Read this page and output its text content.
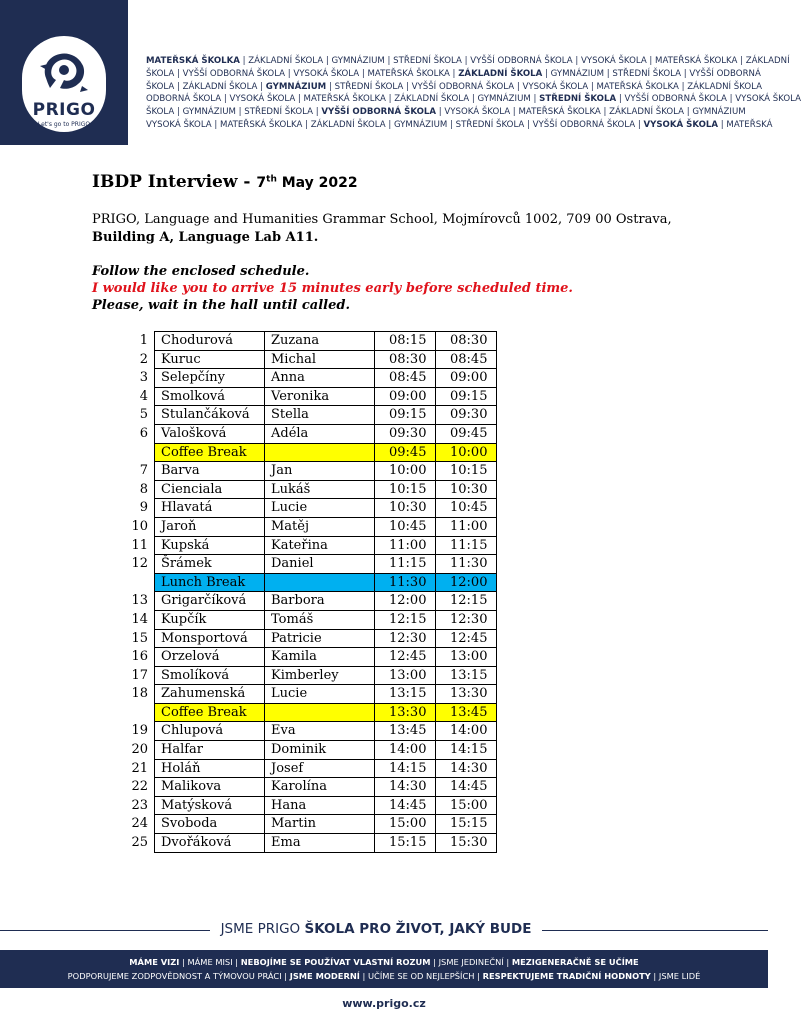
PRIGO
Let's go to PRIGO
MATEŘSKÁ ŠKOLKA | ZÁKLADNÍ ŠKOLA | GYMNÁZIUM | STŘEDNÍ ŠKOLA | VYŠŠÍ ODBORNÁ ŠKOLA | VYSOKÁ ŠKOLA | MATEŘSKÁ ŠKOLKA | ZÁKLADNÍ
ŠKOLA | VYŠŠÍ ODBORNÁ ŠKOLA | VYSOKÁ ŠKOLA | MATEŘSKÁ ŠKOLKA | ZÁKLADNÍ ŠKOLA | GYMNÁZIUM | STŘEDNÍ ŠKOLA | VYŠŠÍ ODBORNÁ
ŠKOLA | ZÁKLADNÍ ŠKOLA | GYMNÁZIUM | STŘEDNÍ ŠKOLA | VYŠŠÍ ODBORNÁ ŠKOLA | VYSOKÁ ŠKOLA | MATEŘSKÁ ŠKOLKA | ZÁKLADNÍ ŠKOLA
ODBORNÁ ŠKOLA | VYSOKÁ ŠKOLA | MATEŘSKÁ ŠKOLKA | ZÁKLADNÍ ŠKOLA | GYMNÁZIUM | STŘEDNÍ ŠKOLA | VYŠŠÍ ODBORNÁ ŠKOLA | VYSOKÁ ŠKOLA
ŠKOLA | GYMNÁZIUM | STŘEDNÍ ŠKOLA | VYŠŠÍ ODBORNÁ ŠKOLA | VYSOKÁ ŠKOLA | MATEŘSKÁ ŠKOLKA | ZÁKLADNÍ ŠKOLA | GYMNÁZIUM
VYSOKÁ ŠKOLA | MATEŘSKÁ ŠKOLKA | ZÁKLADNÍ ŠKOLA | GYMNÁZIUM | STŘEDNÍ ŠKOLA | VYŠŠÍ ODBORNÁ ŠKOLA | VYSOKÁ ŠKOLA | MATEŘSKÁ
IBDP Interview - 7th May 2022
PRIGO, Language and Humanities Grammar School, Mojmírovců 1002, 709 00 Ostrava,
Building A, Language Lab A11.
Follow the enclosed schedule.
I would like you to arrive 15 minutes early before scheduled time.
Please, wait in the hall until called.
1	Chodurová	Zuzana	08:15	08:30
2	Kuruc	Michal	08:30	08:45
3	Selepčíny	Anna	08:45	09:00
4	Smolková	Veronika	09:00	09:15
5	Stulančáková	Stella	09:15	09:30
6	Valošková	Adéla	09:30	09:45
	Coffee Break		09:45	10:00
7	Barva	Jan	10:00	10:15
8	Cienciala	Lukáš	10:15	10:30
9	Hlavatá	Lucie	10:30	10:45
10	Jaroň	Matěj	10:45	11:00
11	Kupská	Kateřina	11:00	11:15
12	Šrámek	Daniel	11:15	11:30
	Lunch Break		11:30	12:00
13	Grigarčíková	Barbora	12:00	12:15
14	Kupčík	Tomáš	12:15	12:30
15	Monsportová	Patricie	12:30	12:45
16	Orzelová	Kamila	12:45	13:00
17	Smolíková	Kimberley	13:00	13:15
18	Zahumenská	Lucie	13:15	13:30
	Coffee Break		13:30	13:45
19	Chlupová	Eva	13:45	14:00
20	Halfar	Dominik	14:00	14:15
21	Holáň	Josef	14:15	14:30
22	Malikova	Karolína	14:30	14:45
23	Matýsková	Hana	14:45	15:00
24	Svoboda	Martin	15:00	15:15
25	Dvořáková	Ema	15:15	15:30
JSME PRIGO ŠKOLA PRO ŽIVOT, JAKÝ BUDE
MÁME VIZI | MÁME MISI | NEBOJÍME SE POUŽÍVAT VLASTNÍ ROZUM | JSME JEDINEČNÍ | MEZIGENERAČNĚ SE UČÍME
PODPORUJEME ZODPOVĚDNOST A TÝMOVOU PRÁCI | JSME MODERNÍ | UČÍME SE OD NEJLEPŠÍCH | RESPEKTUJEME TRADIČNÍ HODNOTY | JSME LIDÉ
www.prigo.cz
